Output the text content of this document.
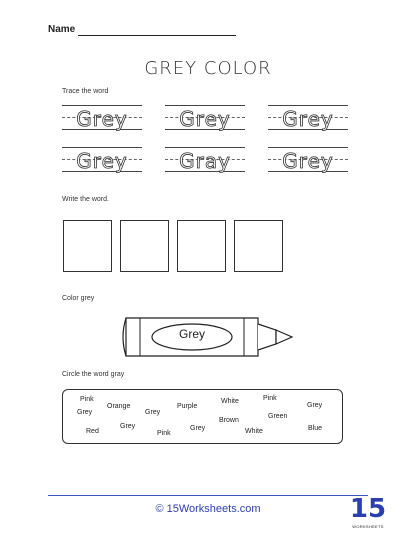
Name
GREY COLOR
Trace the word
Grey	Grey	Grey
Grey	Gray	Grey
Write the word.
Color grey
Grey
Circle the word gray
Pink
Grey
Orange
Grey
Purple
White	Pink
Grey
Red
Grey
Pink
Grey
Brown
White
Green
Blue
© 15Worksheets.com	15
WORKSHEETS
